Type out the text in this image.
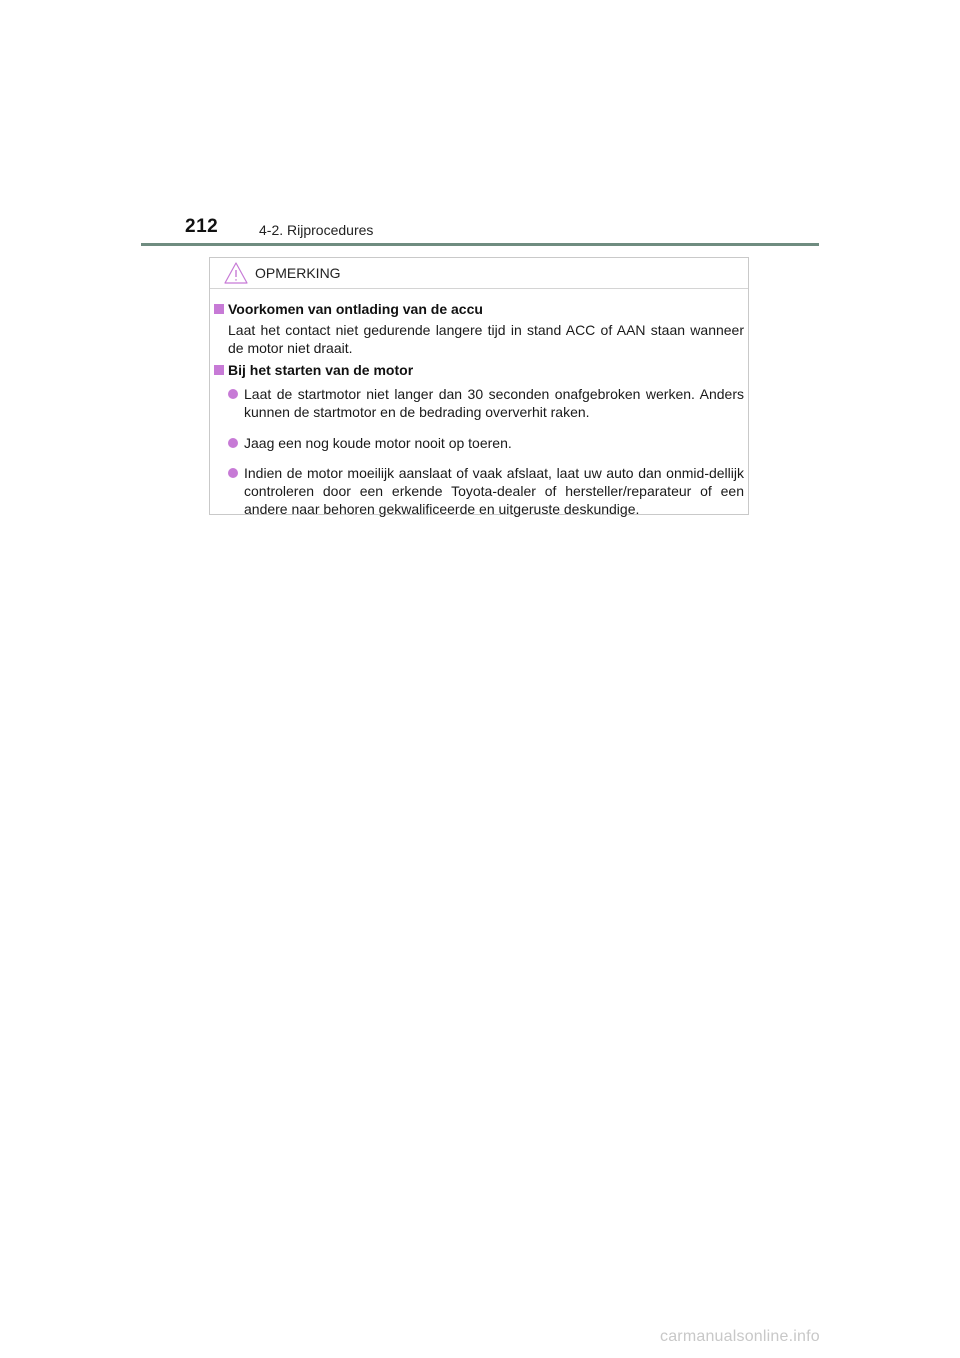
212	4-2. Rijprocedures
OPMERKING
Voorkomen van ontlading van de accu
Laat het contact niet gedurende langere tijd in stand ACC of AAN staan wanneer de motor niet draait.
Bij het starten van de motor
Laat de startmotor niet langer dan 30 seconden onafgebroken werken. Anders kunnen de startmotor en de bedrading oververhit raken.
Jaag een nog koude motor nooit op toeren.
Indien de motor moeilijk aanslaat of vaak afslaat, laat uw auto dan onmid-dellijk controleren door een erkende Toyota-dealer of hersteller/reparateur of een andere naar behoren gekwalificeerde en uitgeruste deskundige.
carmanualsonline.info
